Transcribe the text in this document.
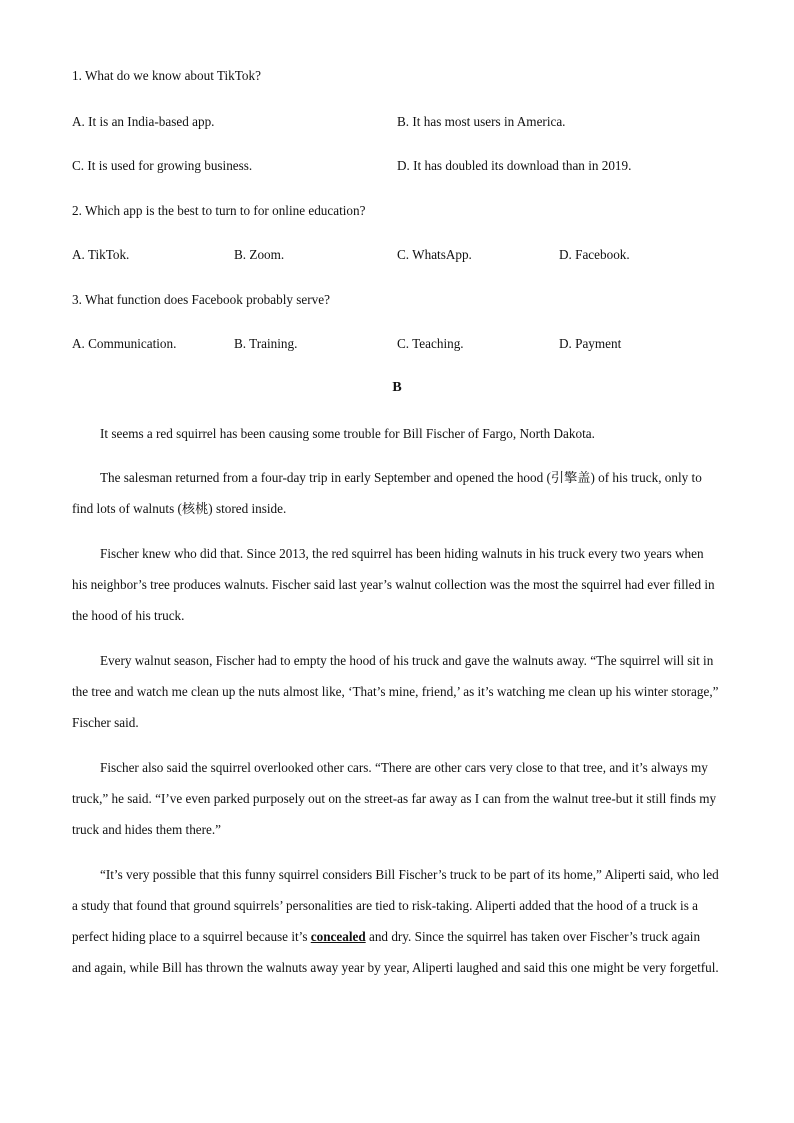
1. What do we know about TikTok?
A. It is an India-based app.	B. It has most users in America.
C. It is used for growing business.	D. It has doubled its download than in 2019.
2. Which app is the best to turn to for online education?
A. TikTok.	B. Zoom.	C. WhatsApp.	D. Facebook.
3. What function does Facebook probably serve?
A. Communication.	B. Training.	C. Teaching.	D. Payment
B

It seems a red squirrel has been causing some trouble for Bill Fischer of Fargo, North Dakota.

The salesman returned from a four-day trip in early September and opened the hood (引擎盖) of his truck, only to find lots of walnuts (核桃) stored inside.

Fischer knew who did that. Since 2013, the red squirrel has been hiding walnuts in his truck every two years when his neighbor’s tree produces walnuts. Fischer said last year’s walnut collection was the most the squirrel had ever filled in the hood of his truck.

Every walnut season, Fischer had to empty the hood of his truck and gave the walnuts away. “The squirrel will sit in the tree and watch me clean up the nuts almost like, ‘That’s mine, friend,’ as it’s watching me clean up his winter storage,” Fischer said.

Fischer also said the squirrel overlooked other cars. “There are other cars very close to that tree, and it’s always my truck,” he said. “I’ve even parked purposely out on the street-as far away as I can from the walnut tree-but it still finds my truck and hides them there.”

“It’s very possible that this funny squirrel considers Bill Fischer’s truck to be part of its home,” Aliperti said, who led a study that found that ground squirrels’ personalities are tied to risk-taking. Aliperti added that the hood of a truck is a perfect hiding place to a squirrel because it’s concealed and dry. Since the squirrel has taken over Fischer’s truck again and again, while Bill has thrown the walnuts away year by year, Aliperti laughed and said this one might be very forgetful.
